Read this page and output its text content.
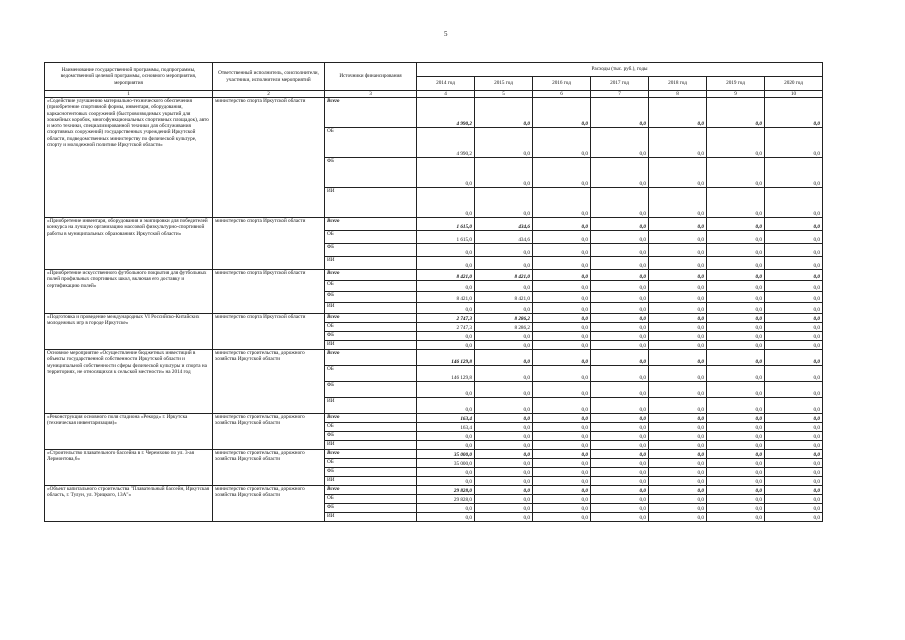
5
Наименование государственной программы, подпрограммы, ведомственной целевой программы, основного мероприятия, мероприятия	Ответственный исполнитель, соисполнители, участники, исполнители мероприятий	Источники финансирования	Расходы (тыс. руб.), годы						
			2014 год	2015 год	2016 год	2017 год	2018 год	2019 год	2020 год
1	2	3	4	5	6	7	8	9	10
«Содействие улучшению материально-технического обеспечения (приобретение спортивной формы, инвентаря, оборудования, каркаснотентовых сооружений (быстровозводимых укрытий для хоккейных коробок, многофункциональных спортивных площадок), авто и мото техники, специализированной техники для обслуживания спортивных сооружений) государственных учреждений Иркутской области, подведомственных министерству по физической культуре, спорту и молодежной политике Иркутской области»	министерство спорта Иркутской области	Всего	4 990,2	0,0	0,0	0,0	0,0	0,0	0,0
		ОБ	4 990,2	0,0	0,0	0,0	0,0	0,0	0,0
		ФБ	0,0	0,0	0,0	0,0	0,0	0,0	0,0
		ИИ	0,0	0,0	0,0	0,0	0,0	0,0	0,0
«Приобретение инвентаря, оборудования и экипировки для победителей конкурса на лучшую организацию массовой физкультурно-спортивной работы в муниципальных образованиях Иркутской области»	министерство спорта Иркутской области	Всего	1 615,0	434,6	0,0	0,0	0,0	0,0	0,0
		ОБ	1 615,0	434,6	0,0	0,0	0,0	0,0	0,0
		ФБ	0,0	0,0	0,0	0,0	0,0	0,0	0,0
		ИИ	0,0	0,0	0,0	0,0	0,0	0,0	0,0
«Приобретение искусственного футбольного покрытия для футбольных полей профильных спортивных школ, включая его доставку и сертификацию полей»	министерство спорта Иркутской области	Всего	8 421,0	8 421,0	0,0	0,0	0,0	0,0	0,0
		ОБ	0,0	0,0	0,0	0,0	0,0	0,0	0,0
		ФБ	8 421,0	8 421,0	0,0	0,0	0,0	0,0	0,0
		ИИ	0,0	0,0	0,0	0,0	0,0	0,0	0,0
«Подготовка и проведение международных VI Российско-Китайских молодежных игр в городе Иркутске»	министерство спорта Иркутской области	Всего	2 747,3	8 286,2	0,0	0,0	0,0	0,0	0,0
		ОБ	2 747,3	8 286,2	0,0	0,0	0,0	0,0	0,0
		ФБ	0,0	0,0	0,0	0,0	0,0	0,0	0,0
		ИИ	0,0	0,0	0,0	0,0	0,0	0,0	0,0
Основное мероприятие «Осуществление бюджетных инвестиций в объекты государственной собственности Иркутской области и муниципальной собственности сферы физической культуры и спорта на территориях, не относящихся к сельской местности» на 2014 год	министерство строительства, дорожного хозяйства Иркутской области	Всего	146 129,8	0,0	0,0	0,0	0,0	0,0	0,0
		ОБ	146 129,8	0,0	0,0	0,0	0,0	0,0	0,0
		ФБ	0,0	0,0	0,0	0,0	0,0	0,0	0,0
		ИИ	0,0	0,0	0,0	0,0	0,0	0,0	0,0
«Реконструкция основного поля стадиона «Рекорд» г. Иркутска (техническая инвентаризация)»	министерство строительства, дорожного хозяйства Иркутской области	Всего	163,4	0,0	0,0	0,0	0,0	0,0	0,0
		ОБ	163,4	0,0	0,0	0,0	0,0	0,0	0,0
		ФБ	0,0	0,0	0,0	0,0	0,0	0,0	0,0
		ИИ	0,0	0,0	0,0	0,0	0,0	0,0	0,0
«Строительство плавательного бассейна в г. Черемхово по ул. 3-ая Лермонтова,6»	министерство строительства, дорожного хозяйства Иркутской области	Всего	35 000,0	0,0	0,0	0,0	0,0	0,0	0,0
		ОБ	35 000,0	0,0	0,0	0,0	0,0	0,0	0,0
		ФБ	0,0	0,0	0,0	0,0	0,0	0,0	0,0
		ИИ	0,0	0,0	0,0	0,0	0,0	0,0	0,0
«Объект капитального строительства "Плавательный бассейн, Иркутская область, г. Тулун, ул. Урицкого, 13А"»	министерство строительства, дорожного хозяйства Иркутской области	Всего	29 828,0	0,0	0,0	0,0	0,0	0,0	0,0
		ОБ	29 828,0	0,0	0,0	0,0	0,0	0,0	0,0
		ФБ	0,0	0,0	0,0	0,0	0,0	0,0	0,0
		ИИ	0,0	0,0	0,0	0,0	0,0	0,0	0,0
